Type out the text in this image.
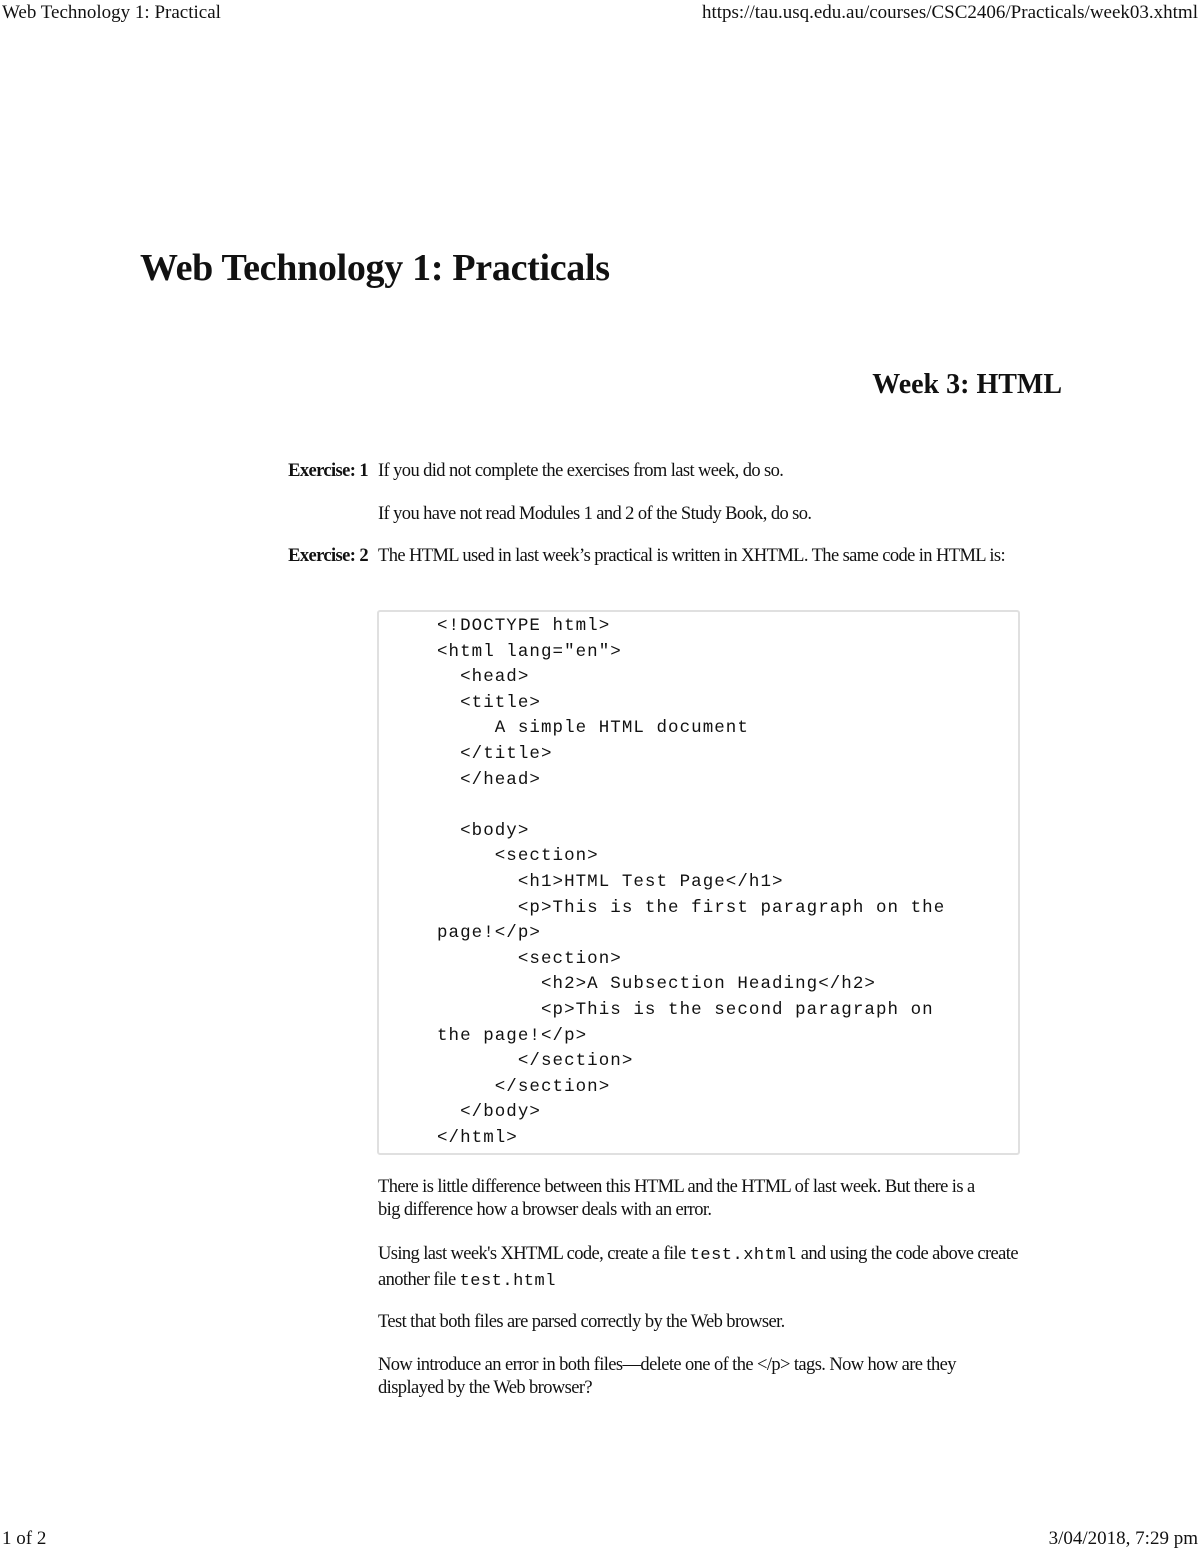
Web Technology 1: Practical	https://tau.usq.edu.au/courses/CSC2406/Practicals/week03.xhtml
Web Technology 1: Practicals
Week 3: HTML
Exercise: 1 If you did not complete the exercises from last week, do so.

If you have not read Modules 1 and 2 of the Study Book, do so.

Exercise: 2 The HTML used in last week’s practical is written in XHTML. The same code in HTML is:

<!DOCTYPE html>
<html lang="en">
<head>
<title>
A simple HTML document
</title>
</head>

<body>
<section>
<h1>HTML Test Page</h1>
<p>This is the first paragraph on the
page!</p>
<section>
<h2>A Subsection Heading</h2>
<p>This is the second paragraph on
the page!</p>
</section>
</section>
</body>
</html>

There is little difference between this HTML and the HTML of last week. But there is a big difference how a browser deals with an error.

Using last week's XHTML code, create a file test.xhtml and using the code above create another file test.html

Test that both files are parsed correctly by the Web browser.

Now introduce an error in both files—delete one of the </p> tags. Now how are they displayed by the Web browser?

1 of 2	3/04/2018, 7:29 pm
